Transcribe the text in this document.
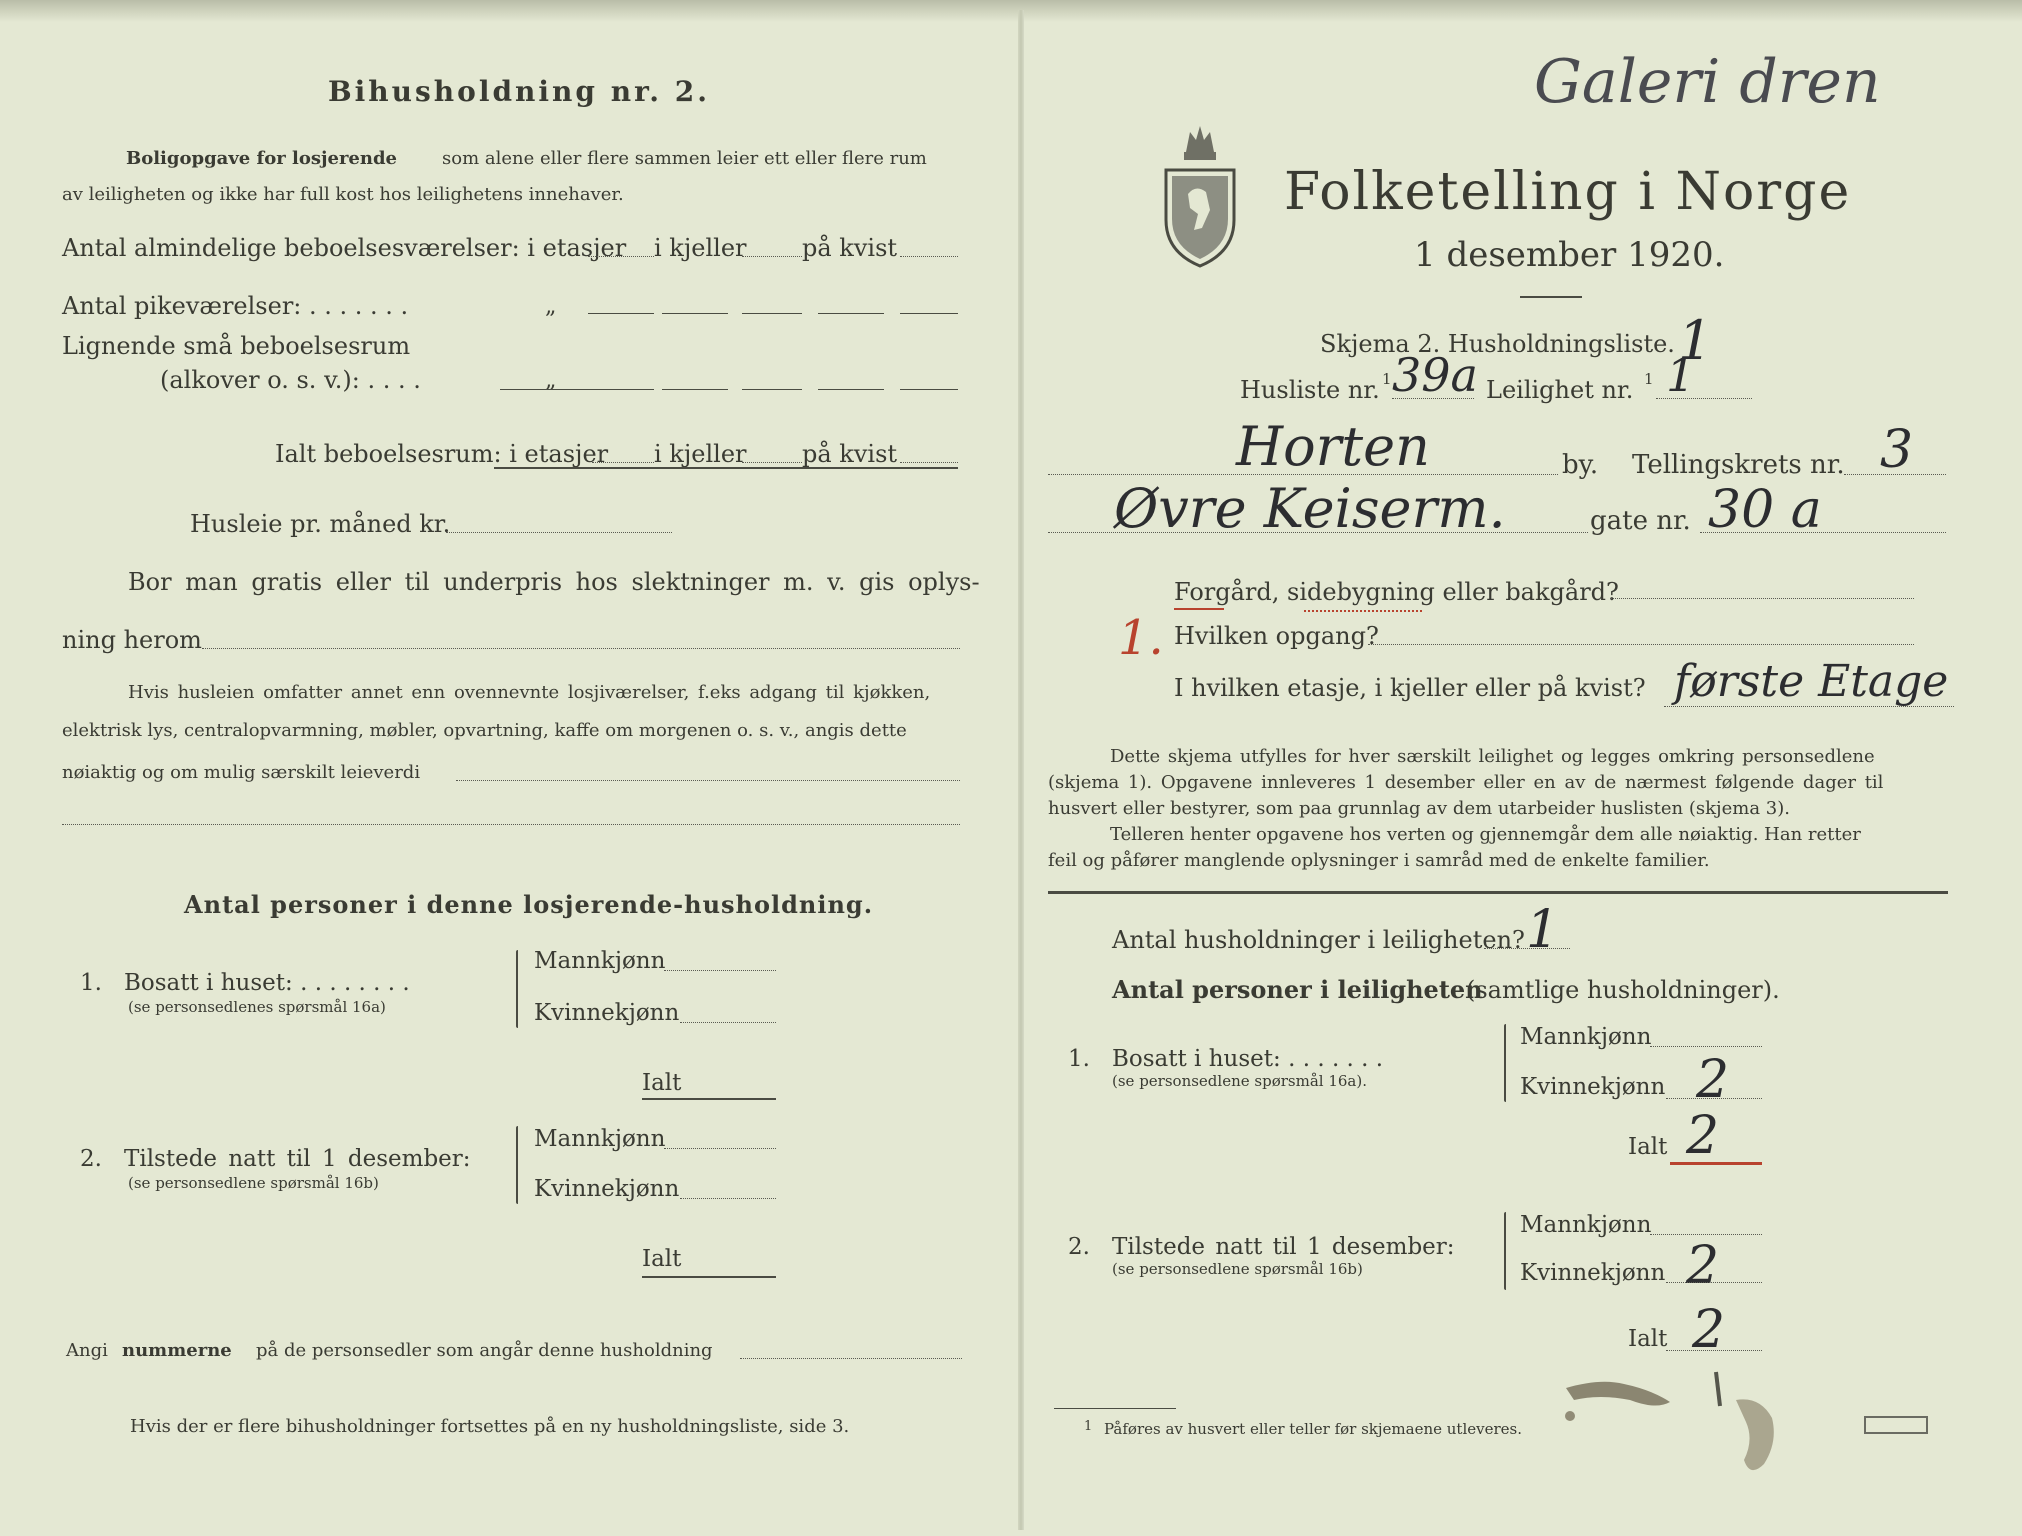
Bihusholdning nr. 2.
Boligopgave for losjerende som alene eller flere sammen leier ett eller flere rum
av leiligheten og ikke har full kost hos leilighetens innehaver.
Antal almindelige beboelsesværelser: i etasjer i kjeller på kvist
Antal pikeværelser: . . . . . . .	„
Lignende små beboelsesrum
(alkover o. s. v.): . . . .	„
Ialt beboelsesrum: i etasjer i kjeller på kvist
Husleie pr. måned kr.
Bor man gratis eller til underpris hos slektninger m. v. gis oplys-
ning herom
Hvis husleien omfatter annet enn ovennevnte losjiværelser, f.eks adgang til kjøkken,
elektrisk lys, centralopvarmning, møbler, opvartning, kaffe om morgenen o. s. v., angis dette
nøiaktig og om mulig særskilt leieverdi
Antal personer i denne losjerende-husholdning.
1. Bosatt i huset: . . . . . . . .
(se personsedlenes spørsmål 16a)
Mannkjønn
Kvinnekjønn
Ialt
2. Tilstede natt til 1 desember:
(se personsedlene spørsmål 16b)
Mannkjønn
Kvinnekjønn
Ialt
Angi nummerne på de personsedler som angår denne husholdning
Hvis der er flere bihusholdninger fortsettes på en ny husholdningsliste, side 3.
Galeri dren
Folketelling i Norge
1 desember 1920.
Skjema 2. Husholdningsliste. 1
Husliste nr. 1 39a Leilighet nr. 1 1
Horten	by. Tellingskrets nr. 3
Øvre Keiserm.	gate nr. 30 a
Forgård, sidebygning eller bakgård?
1. Hvilken opgang?
I hvilken etasje, i kjeller eller på kvist? første Etage
Dette skjema utfylles for hver særskilt leilighet og legges omkring personsedlene
(skjema 1). Opgavene innleveres 1 desember eller en av de nærmest følgende dager til
husvert eller bestyrer, som paa grunnlag av dem utarbeider huslisten (skjema 3).
Telleren henter opgavene hos verten og gjennemgår dem alle nøiaktig. Han retter
feil og påfører manglende oplysninger i samråd med de enkelte familier.
Antal husholdninger i leiligheten? 1
Antal personer i leiligheten
(samtlige husholdninger).
1. Bosatt i huset: . . . . . . .
(se personsedlene spørsmål 16a).
Mannkjønn
Kvinnekjønn 2
Ialt 2
2. Tilstede natt til 1 desember:
(se personsedlene spørsmål 16b)
Mannkjønn
Kvinnekjønn 2
Ialt 2
1 Påføres av husvert eller teller før skjemaene utleveres.
